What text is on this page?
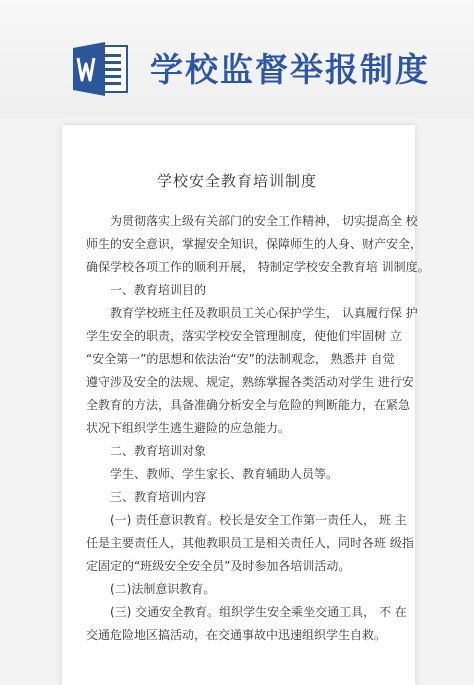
学校监督举报制度
学校安全教育培训制度

为贯彻落实上级有关部门的安全工作精神， 切实提高全 校

师生的安全意识，掌握安全知识，保障师生的人身、财产安全，

确保学校各项工作的顺利开展， 特制定学校安全教育培 训制度。

一、教育培训目的

教育学校班主任及教职员工关心保护学生， 认真履行保 护

学生安全的职责，落实学校安全管理制度，使他们牢固树 立

“安全第一”的思想和依法治“安”的法制观念， 熟悉并 自觉

遵守涉及安全的法规、规定，熟练掌握各类活动对学生 进行安

全教育的方法，具备准确分析安全与危险的判断能力，在紧急

状况下组织学生逃生避险的应急能力。

二、教育培训对象

学生、教师、学生家长、教育辅助人员等。

三、教育培训内容

(一) 责任意识教育。校长是安全工作第一责任人， 班 主

任是主要责任人，其他教职员工是相关责任人，同时各班 级指

定固定的“班级安全安全员”及时参加各培训活动。

(二)法制意识教育。

(三) 交通安全教育。组织学生安全乘坐交通工具， 不 在

交通危险地区搞活动，在交通事故中迅速组织学生自救。
